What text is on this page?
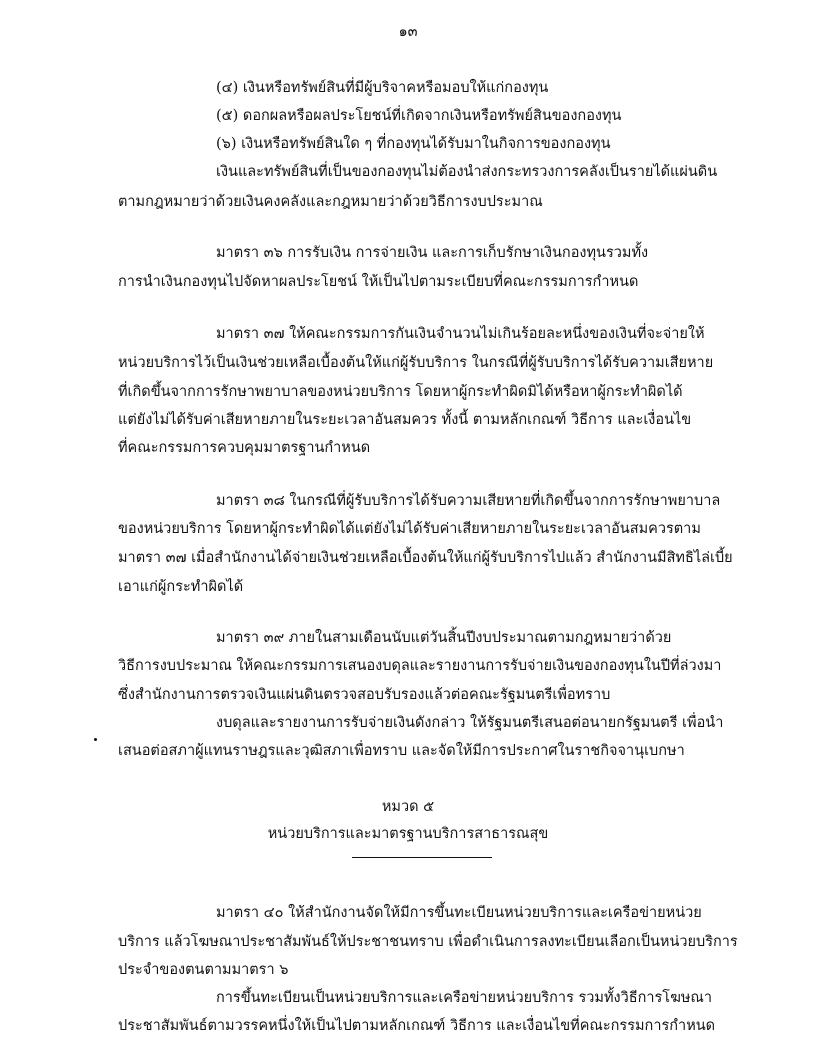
๑๓
(๔) เงินหรือทรัพย์สินที่มีผู้บริจาคหรือมอบให้แก่กองทุน
(๕) ดอกผลหรือผลประโยชน์ที่เกิดจากเงินหรือทรัพย์สินของกองทุน
(๖) เงินหรือทรัพย์สินใด ๆ ที่กองทุนได้รับมาในกิจการของกองทุน
เงินและทรัพย์สินที่เป็นของกองทุนไม่ต้องนำส่งกระทรวงการคลังเป็นรายได้แผ่นดิน
ตามกฎหมายว่าด้วยเงินคงคลังและกฎหมายว่าด้วยวิธีการงบประมาณ
มาตรา ๓๖ การรับเงิน การจ่ายเงิน และการเก็บรักษาเงินกองทุนรวมทั้ง
การนำเงินกองทุนไปจัดหาผลประโยชน์ ให้เป็นไปตามระเบียบที่คณะกรรมการกำหนด
มาตรา ๓๗ ให้คณะกรรมการกันเงินจำนวนไม่เกินร้อยละหนึ่งของเงินที่จะจ่ายให้
หน่วยบริการไว้เป็นเงินช่วยเหลือเบื้องต้นให้แก่ผู้รับบริการ ในกรณีที่ผู้รับบริการได้รับความเสียหาย
ที่เกิดขึ้นจากการรักษาพยาบาลของหน่วยบริการ โดยหาผู้กระทำผิดมิได้หรือหาผู้กระทำผิดได้
แต่ยังไม่ได้รับค่าเสียหายภายในระยะเวลาอันสมควร ทั้งนี้ ตามหลักเกณฑ์ วิธีการ และเงื่อนไข
ที่คณะกรรมการควบคุมมาตรฐานกำหนด
มาตรา ๓๘ ในกรณีที่ผู้รับบริการได้รับความเสียหายที่เกิดขึ้นจากการรักษาพยาบาล
ของหน่วยบริการ โดยหาผู้กระทำผิดได้แต่ยังไม่ได้รับค่าเสียหายภายในระยะเวลาอันสมควรตาม
มาตรา ๓๗ เมื่อสำนักงานได้จ่ายเงินช่วยเหลือเบื้องต้นให้แก่ผู้รับบริการไปแล้ว สำนักงานมีสิทธิไล่เบี้ย
เอาแก่ผู้กระทำผิดได้
มาตรา ๓๙ ภายในสามเดือนนับแต่วันสิ้นปีงบประมาณตามกฎหมายว่าด้วย
วิธีการงบประมาณ ให้คณะกรรมการเสนองบดุลและรายงานการรับจ่ายเงินของกองทุนในปีที่ล่วงมา
ซึ่งสำนักงานการตรวจเงินแผ่นดินตรวจสอบรับรองแล้วต่อคณะรัฐมนตรีเพื่อทราบ
งบดุลและรายงานการรับจ่ายเงินดังกล่าว ให้รัฐมนตรีเสนอต่อนายกรัฐมนตรี เพื่อนำ
เสนอต่อสภาผู้แทนราษฎรและวุฒิสภาเพื่อทราบ และจัดให้มีการประกาศในราชกิจจานุเบกษา
หมวด ๕
หน่วยบริการและมาตรฐานบริการสาธารณสุข
มาตรา ๔๐ ให้สำนักงานจัดให้มีการขึ้นทะเบียนหน่วยบริการและเครือข่ายหน่วย
บริการ แล้วโฆษณาประชาสัมพันธ์ให้ประชาชนทราบ เพื่อดำเนินการลงทะเบียนเลือกเป็นหน่วยบริการ
ประจำของตนตามมาตรา ๖
การขึ้นทะเบียนเป็นหน่วยบริการและเครือข่ายหน่วยบริการ รวมทั้งวิธีการโฆษณา
ประชาสัมพันธ์ตามวรรคหนึ่งให้เป็นไปตามหลักเกณฑ์ วิธีการ และเงื่อนไขที่คณะกรรมการกำหนด
